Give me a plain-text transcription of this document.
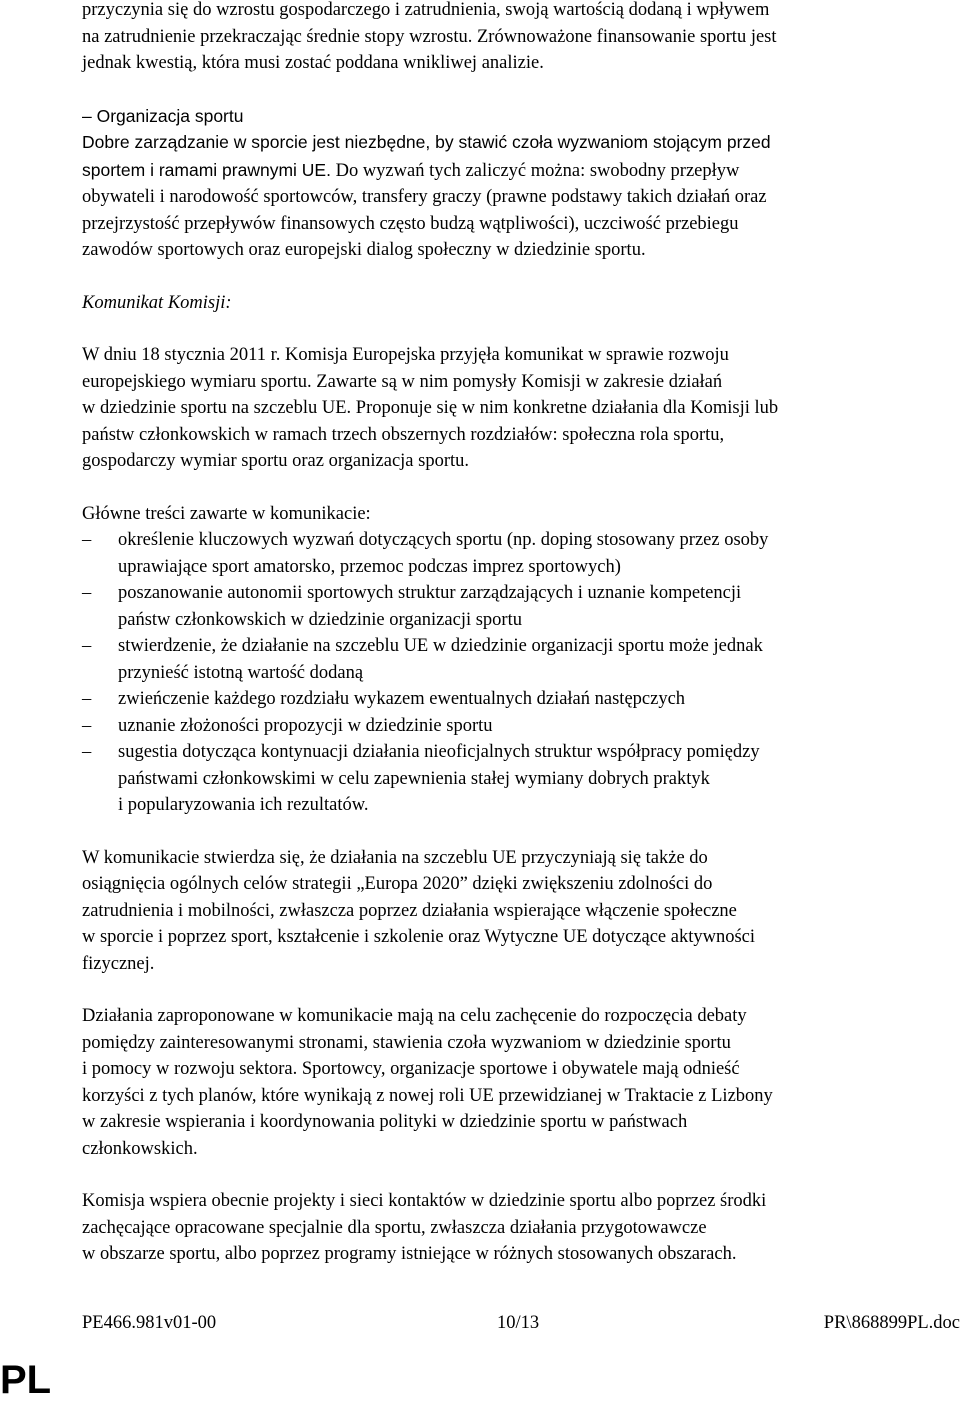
przyczynia się do wzrostu gospodarczego i zatrudnienia, swoją wartością dodaną i wpływem
na zatrudnienie przekraczając średnie stopy wzrostu. Zrównoważone finansowanie sportu jest
jednak kwestią, która musi zostać poddana wnikliwej analizie.

– Organizacja sportu

Dobre zarządzanie w sporcie jest niezbędne, by stawić czoła wyzwaniom stojącym przed
sportem i ramami prawnymi UE. Do wyzwań tych zaliczyć można: swobodny przepływ
obywateli i narodowość sportowców, transfery graczy (prawne podstawy takich działań oraz
przejrzystość przepływów finansowych często budzą wątpliwości), uczciwość przebiegu
zawodów sportowych oraz europejski dialog społeczny w dziedzinie sportu.

Komunikat Komisji:

W dniu 18 stycznia 2011 r. Komisja Europejska przyjęła komunikat w sprawie rozwoju
europejskiego wymiaru sportu. Zawarte są w nim pomysły Komisji w zakresie działań
w dziedzinie sportu na szczeblu UE. Proponuje się w nim konkretne działania dla Komisji lub
państw członkowskich w ramach trzech obszernych rozdziałów: społeczna rola sportu,
gospodarczy wymiar sportu oraz organizacja sportu.

Główne treści zawarte w komunikacie:

– określenie kluczowych wyzwań dotyczących sportu (np. doping stosowany przez osoby
uprawiające sport amatorsko, przemoc podczas imprez sportowych)
– poszanowanie autonomii sportowych struktur zarządzających i uznanie kompetencji
państw członkowskich w dziedzinie organizacji sportu
– stwierdzenie, że działanie na szczeblu UE w dziedzinie organizacji sportu może jednak
przynieść istotną wartość dodaną
– zwieńczenie każdego rozdziału wykazem ewentualnych działań następczych
– uznanie złożoności propozycji w dziedzinie sportu
– sugestia dotycząca kontynuacji działania nieoficjalnych struktur współpracy pomiędzy
państwami członkowskimi w celu zapewnienia stałej wymiany dobrych praktyk
i popularyzowania ich rezultatów.

W komunikacie stwierdza się, że działania na szczeblu UE przyczyniają się także do
osiągnięcia ogólnych celów strategii „Europa 2020” dzięki zwiększeniu zdolności do
zatrudnienia i mobilności, zwłaszcza poprzez działania wspierające włączenie społeczne
w sporcie i poprzez sport, kształcenie i szkolenie oraz Wytyczne UE dotyczące aktywności
fizycznej.

Działania zaproponowane w komunikacie mają na celu zachęcenie do rozpoczęcia debaty
pomiędzy zainteresowanymi stronami, stawienia czoła wyzwaniom w dziedzinie sportu
i pomocy w rozwoju sektora. Sportowcy, organizacje sportowe i obywatele mają odnieść
korzyści z tych planów, które wynikają z nowej roli UE przewidzianej w Traktacie z Lizbony
w zakresie wspierania i koordynowania polityki w dziedzinie sportu w państwach
członkowskich.

Komisja wspiera obecnie projekty i sieci kontaktów w dziedzinie sportu albo poprzez środki
zachęcające opracowane specjalnie dla sportu, zwłaszcza działania przygotowawcze
w obszarze sportu, albo poprzez programy istniejące w różnych stosowanych obszarach.

PE466.981v01-00	10/13	PR\868899PL.doc
PL
